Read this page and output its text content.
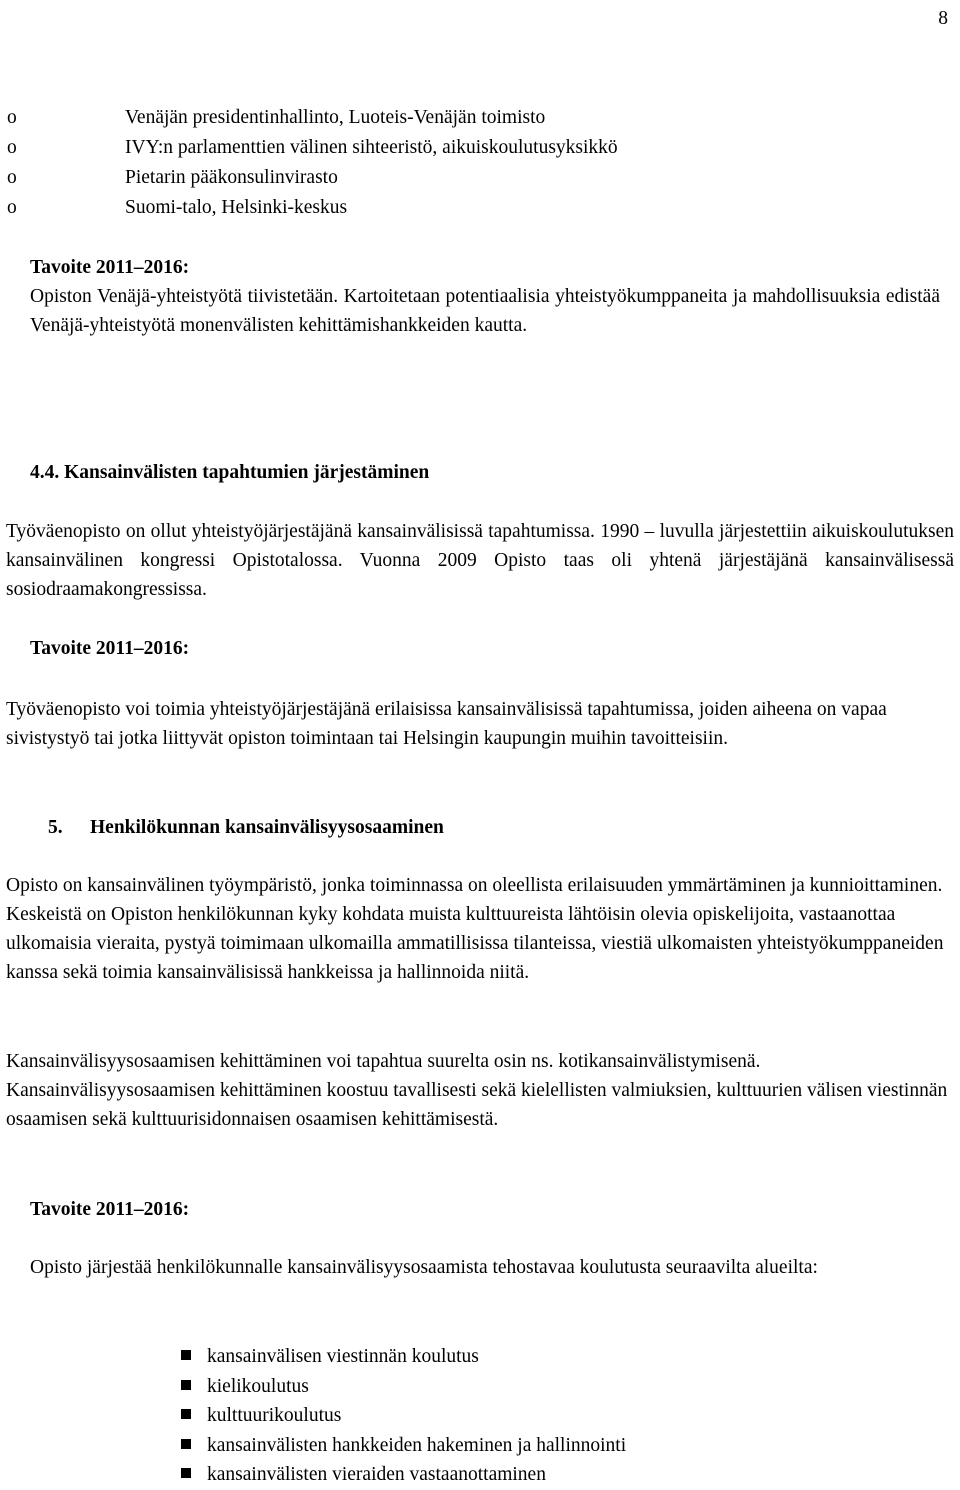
8
o	Venäjän presidentinhallinto, Luoteis-Venäjän toimisto
o	IVY:n parlamenttien välinen sihteeristö, aikuiskoulutusyksikkö
o	Pietarin pääkonsulinvirasto
o	Suomi-talo, Helsinki-keskus

Tavoite 2011–2016:

Opiston Venäjä-yhteistyötä tiivistetään. Kartoitetaan potentiaalisia yhteistyökumppaneita ja mahdollisuuksia edistää Venäjä-yhteistyötä monenvälisten kehittämishankkeiden kautta.

4.4. Kansainvälisten tapahtumien järjestäminen

Työväenopisto on ollut yhteistyöjärjestäjänä kansainvälisissä tapahtumissa. 1990 – luvulla järjestettiin aikuiskoulutuksen kansainvälinen kongressi Opistotalossa. Vuonna 2009 Opisto taas oli yhtenä järjestäjänä kansainvälisessä sosiodraamakongressissa.

Tavoite 2011–2016:

Työväenopisto voi toimia yhteistyöjärjestäjänä erilaisissa kansainvälisissä tapahtumissa, joiden aiheena on vapaa sivistystyö tai jotka liittyvät opiston toimintaan tai Helsingin kaupungin muihin tavoitteisiin.

5. Henkilökunnan kansainvälisyysosaaminen

Opisto on kansainvälinen työympäristö, jonka toiminnassa on oleellista erilaisuuden ymmärtäminen ja kunnioittaminen. Keskeistä on Opiston henkilökunnan kyky kohdata muista kulttuureista lähtöisin olevia opiskelijoita, vastaanottaa ulkomaisia vieraita, pystyä toimimaan ulkomailla ammatillisissa tilanteissa, viestiä ulkomaisten yhteistyökumppaneiden kanssa sekä toimia kansainvälisissä hankkeissa ja hallinnoida niitä.

Kansainvälisyysosaamisen kehittäminen voi tapahtua suurelta osin ns. kotikansainvälistymisenä. Kansainvälisyysosaamisen kehittäminen koostuu tavallisesti sekä kielellisten valmiuksien, kulttuurien välisen viestinnän osaamisen sekä kulttuurisidonnaisen osaamisen kehittämisestä.

Tavoite 2011–2016:

Opisto järjestää henkilökunnalle kansainvälisyysosaamista tehostavaa koulutusta seuraavilta alueilta:

kansainvälisen viestinnän koulutus
kielikoulutus
kulttuurikoulutus
kansainvälisten hankkeiden hakeminen ja hallinnointi
kansainvälisten vieraiden vastaanottaminen
